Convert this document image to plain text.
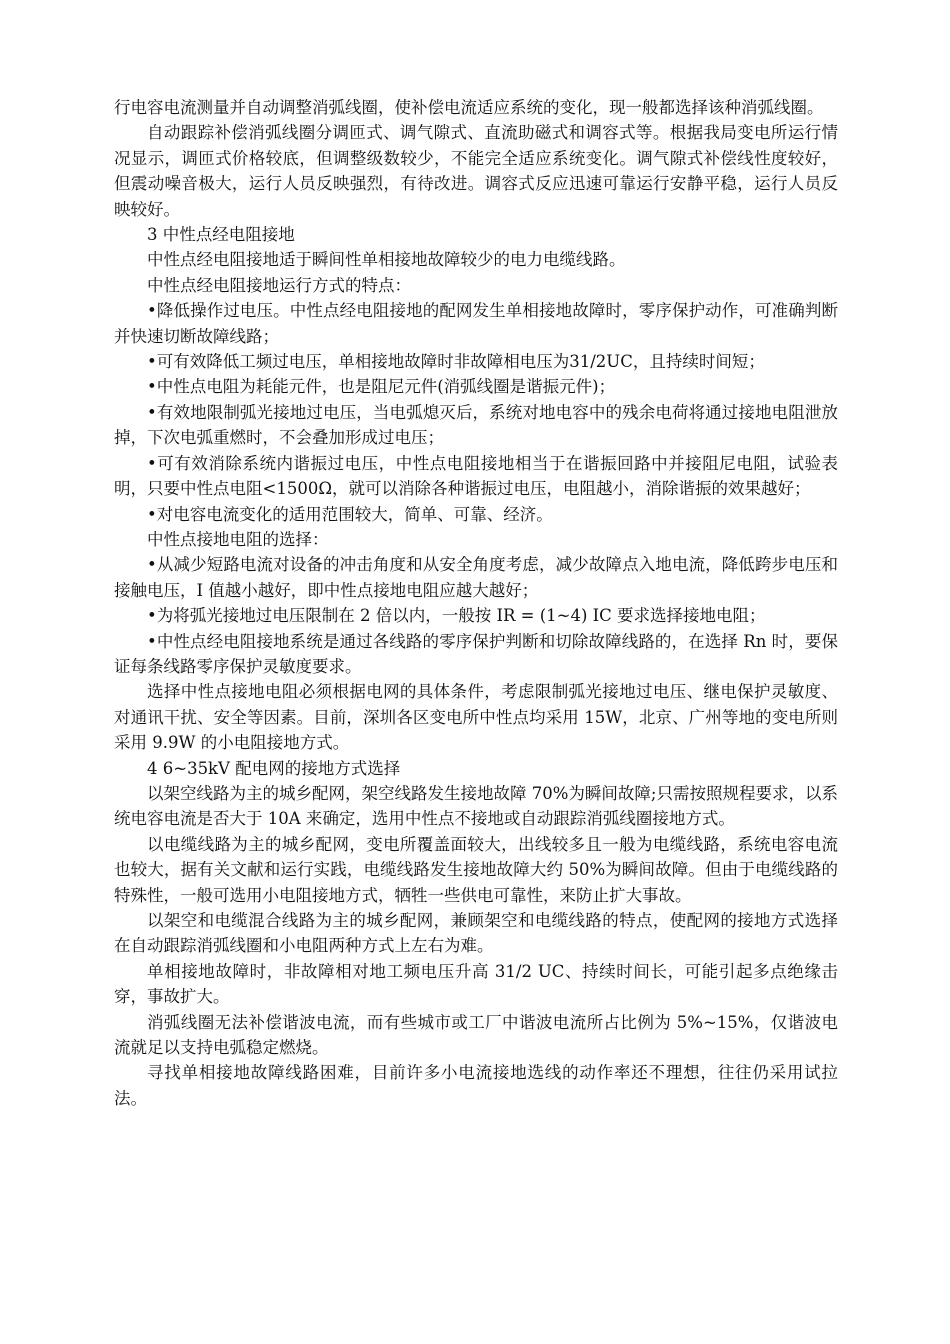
行电容电流测量并自动调整消弧线圈，使补偿电流适应系统的变化，现一般都选择该种消弧线圈。

自动跟踪补偿消弧线圈分调匝式、调气隙式、直流助磁式和调容式等。根据我局变电所运行情况显示，调匝式价格较底，但调整级数较少，不能完全适应系统变化。调气隙式补偿线性度较好，但震动噪音极大，运行人员反映强烈，有待改进。调容式反应迅速可靠运行安静平稳，运行人员反映较好。

3 中性点经电阻接地

中性点经电阻接地适于瞬间性单相接地故障较少的电力电缆线路。

中性点经电阻接地运行方式的特点：

•降低操作过电压。中性点经电阻接地的配网发生单相接地故障时，零序保护动作，可准确判断并快速切断故障线路；

•可有效降低工频过电压，单相接地故障时非故障相电压为31/2UC，且持续时间短；

•中性点电阻为耗能元件，也是阻尼元件(消弧线圈是谐振元件)；

•有效地限制弧光接地过电压，当电弧熄灭后，系统对地电容中的残余电荷将通过接地电阻泄放掉，下次电弧重燃时，不会叠加形成过电压；

•可有效消除系统内谐振过电压，中性点电阻接地相当于在谐振回路中并接阻尼电阻，试验表明，只要中性点电阻<1500Ω，就可以消除各种谐振过电压，电阻越小，消除谐振的效果越好；

•对电容电流变化的适用范围较大，简单、可靠、经济。

中性点接地电阻的选择：

•从减少短路电流对设备的冲击角度和从安全角度考虑，减少故障点入地电流，降低跨步电压和接触电压，I 值越小越好，即中性点接地电阻应越大越好；

•为将弧光接地过电压限制在 2 倍以内，一般按 IR = (1~4) IC 要求选择接地电阻；

•中性点经电阻接地系统是通过各线路的零序保护判断和切除故障线路的，在选择 Rn 时，要保证每条线路零序保护灵敏度要求。

选择中性点接地电阻必须根据电网的具体条件，考虑限制弧光接地过电压、继电保护灵敏度、对通讯干扰、安全等因素。目前，深圳各区变电所中性点均采用 15W，北京、广州等地的变电所则采用 9.9W 的小电阻接地方式。

4 6~35kV 配电网的接地方式选择

以架空线路为主的城乡配网，架空线路发生接地故障 70%为瞬间故障;只需按照规程要求，以系统电容电流是否大于 10A 来确定，选用中性点不接地或自动跟踪消弧线圈接地方式。

以电缆线路为主的城乡配网，变电所覆盖面较大，出线较多且一般为电缆线路，系统电容电流也较大，据有关文献和运行实践，电缆线路发生接地故障大约 50%为瞬间故障。但由于电缆线路的特殊性，一般可选用小电阻接地方式，牺牲一些供电可靠性，来防止扩大事故。

以架空和电缆混合线路为主的城乡配网，兼顾架空和电缆线路的特点，使配网的接地方式选择在自动跟踪消弧线圈和小电阻两种方式上左右为难。

单相接地故障时，非故障相对地工频电压升高 31/2 UC、持续时间长，可能引起多点绝缘击穿，事故扩大。

消弧线圈无法补偿谐波电流，而有些城市或工厂中谐波电流所占比例为 5%~15%，仅谐波电流就足以支持电弧稳定燃烧。

寻找单相接地故障线路困难，目前许多小电流接地选线的动作率还不理想，往往仍采用试拉法。
